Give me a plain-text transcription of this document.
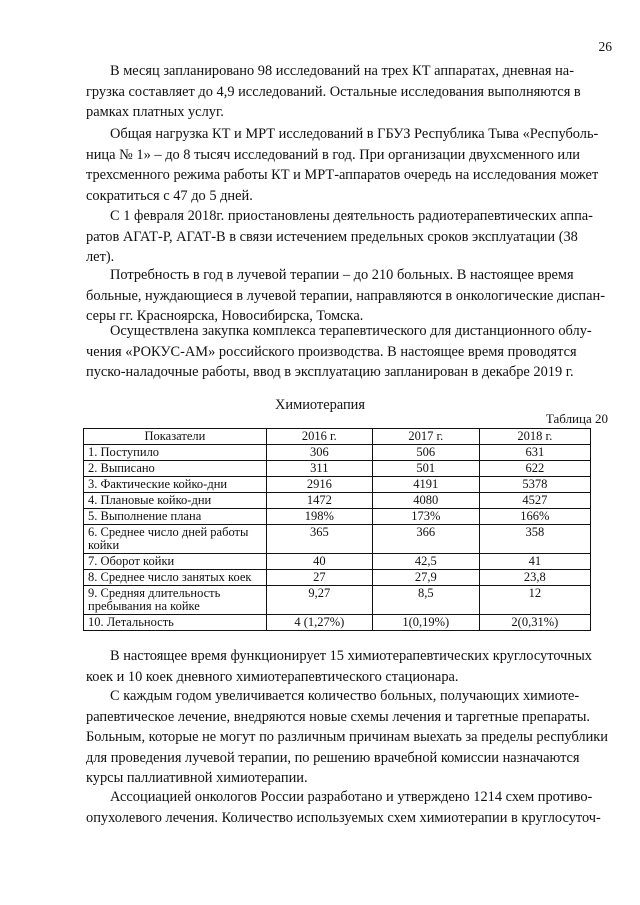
26

В месяц запланировано 98 исследований на трех КТ аппаратах, дневная на-
грузка составляет до 4,9 исследований. Остальные исследования выполняются в
рамках платных услуг.

Общая нагрузка КТ и МРТ исследований в ГБУЗ Республика Тыва «Респуболь-
ница № 1» – до 8 тысяч исследований в год. При организации двухсменного или
трехсменного режима работы КТ и МРТ-аппаратов очередь на исследования может
сократиться с 47 до 5 дней.

С 1 февраля 2018г. приостановлены деятельность радиотерапевтических аппа-
ратов АГАТ-Р, АГАТ-В в связи истечением предельных сроков эксплуатации (38
лет).

Потребность в год в лучевой терапии – до 210 больных. В настоящее время
больные, нуждающиеся в лучевой терапии, направляются в онкологические диспан-
серы гг. Красноярска, Новосибирска, Томска.

Осуществлена закупка комплекса терапевтического для дистанционного облу-
чения «РОКУС-АМ» российского производства. В настоящее время проводятся
пуско-наладочные работы, ввод в эксплуатацию запланирован в декабре 2019 г.

Химиотерапия

Таблица 20
Показатели	2016 г.	2017 г.	2018 г.
1. Поступило	306	506	631
2. Выписано	311	501	622
3. Фактические койко-дни	2916	4191	5378
4. Плановые койко-дни	1472	4080	4527
5. Выполнение плана	198%	173%	166%
6. Среднее число дней работы койки	365	366	358
7. Оборот койки	40	42,5	41
8. Среднее число занятых коек	27	27,9	23,8
9. Средняя длительность пребывания на койке	9,27	8,5	12
10. Летальность	4 (1,27%)	1(0,19%)	2(0,31%)

В настоящее время функционирует 15 химиотерапевтических круглосуточных
коек и 10 коек дневного химиотерапевтического стационара.

С каждым годом увеличивается количество больных, получающих химиоте-
рапевтическое лечение, внедряются новые схемы лечения и таргетные препараты.
Больным, которые не могут по различным причинам выехать за пределы республики
для проведения лучевой терапии, по решению врачебной комиссии назначаются
курсы паллиативной химиотерапии.

Ассоциацией онкологов России разработано и утверждено 1214 схем противо-
опухолевого лечения. Количество используемых схем химиотерапии в круглосуточ-
